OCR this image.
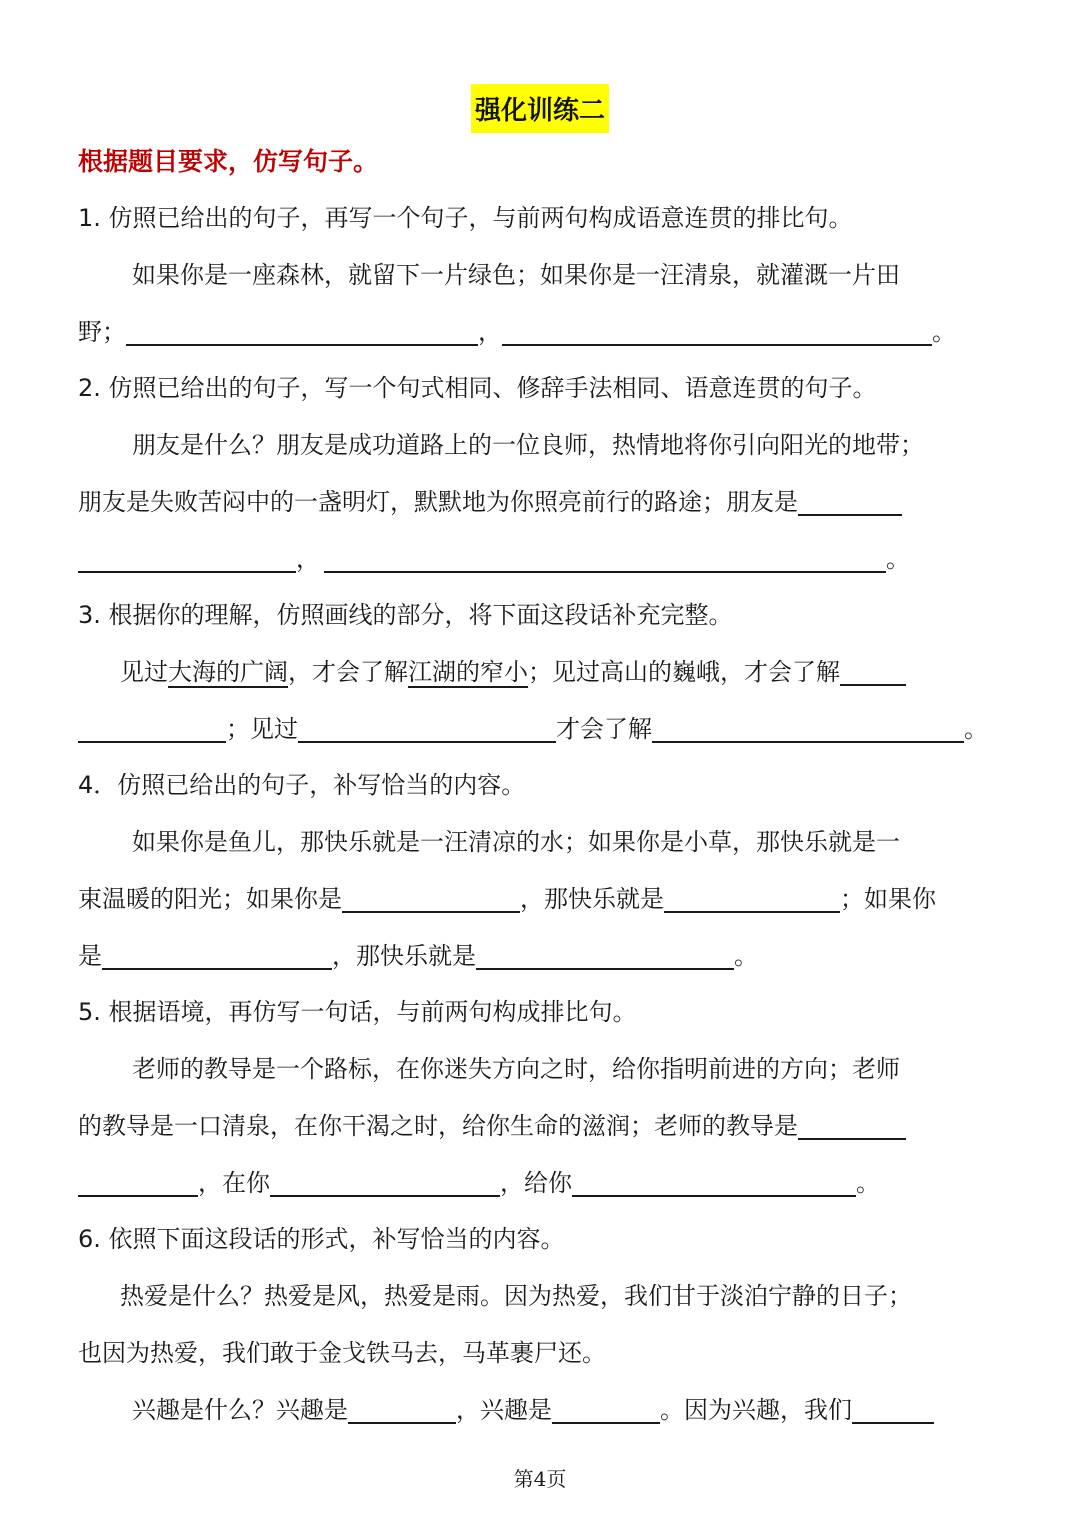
强化训练二
根据题目要求，仿写句子。
1. 仿照已给出的句子，再写一个句子，与前两句构成语意连贯的排比句。
如果你是一座森林，就留下一片绿色；如果你是一汪清泉，就灌溉一片田
野；	，	。
2. 仿照已给出的句子，写一个句式相同、修辞手法相同、语意连贯的句子。
朋友是什么？朋友是成功道路上的一位良师，热情地将你引向阳光的地带；
朋友是失败苦闷中的一盏明灯，默默地为你照亮前行的路途；朋友是
，	。
3. 根据你的理解，仿照画线的部分，将下面这段话补充完整。
见过大海的广阔，才会了解江湖的窄小；见过高山的巍峨，才会了解
；见过	才会了解	。
4．仿照已给出的句子，补写恰当的内容。
如果你是鱼儿，那快乐就是一汪清凉的水；如果你是小草，那快乐就是一
束温暖的阳光；如果你是	，那快乐就是	；如果你
是	，那快乐就是	。
5. 根据语境，再仿写一句话，与前两句构成排比句。
老师的教导是一个路标，在你迷失方向之时，给你指明前进的方向；老师
的教导是一口清泉，在你干渴之时，给你生命的滋润；老师的教导是
，在你	，给你	。
6. 依照下面这段话的形式，补写恰当的内容。
热爱是什么？热爱是风，热爱是雨。因为热爱，我们甘于淡泊宁静的日子；
也因为热爱，我们敢于金戈铁马去，马革裹尸还。
兴趣是什么？兴趣是	，兴趣是	。因为兴趣，我们
第4页
